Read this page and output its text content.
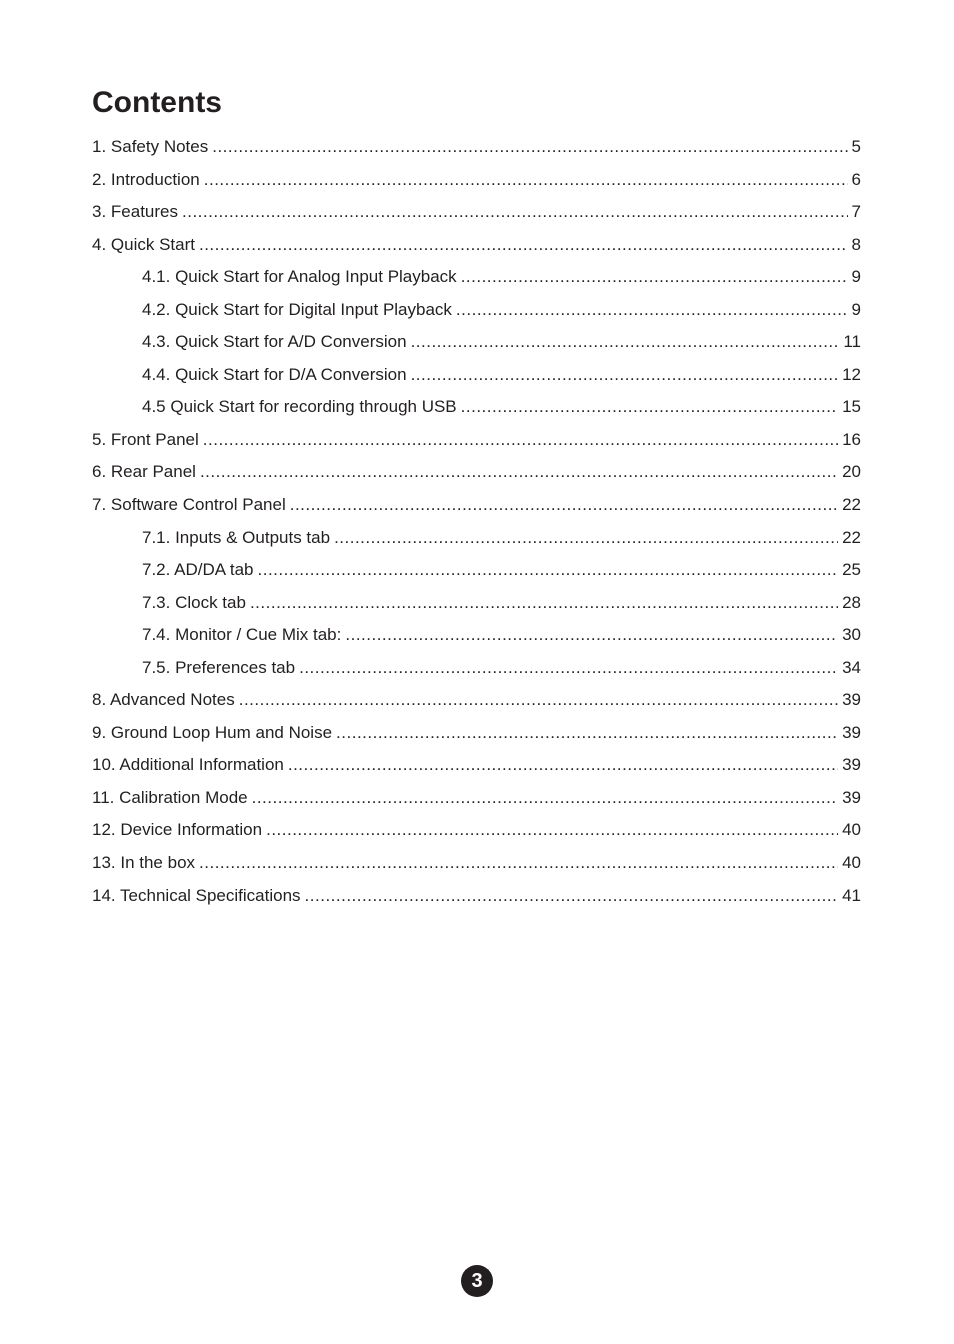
Contents
1. Safety Notes .....	5
2. Introduction .....	6
3. Features .....	7
4. Quick Start .....	8
4.1. Quick Start for Analog Input Playback .....	9
4.2. Quick Start for Digital Input Playback .....	9
4.3. Quick Start for A/D Conversion .....	11
4.4. Quick Start for D/A Conversion .....	12
4.5 Quick Start for recording through USB .....	15
5. Front Panel .....	16
6. Rear Panel .....	20
7. Software Control Panel .....	22
7.1. Inputs & Outputs tab .....	22
7.2. AD/DA tab .....	25
7.3. Clock tab .....	28
7.4. Monitor / Cue Mix tab: .....	30
7.5. Preferences tab .....	34
8. Advanced Notes .....	39
9. Ground Loop Hum and Noise .....	39
10. Additional Information .....	39
11. Calibration Mode .....	39
12. Device Information .....	40
13. In the box .....	40
14. Technical Specifications .....	41
3
